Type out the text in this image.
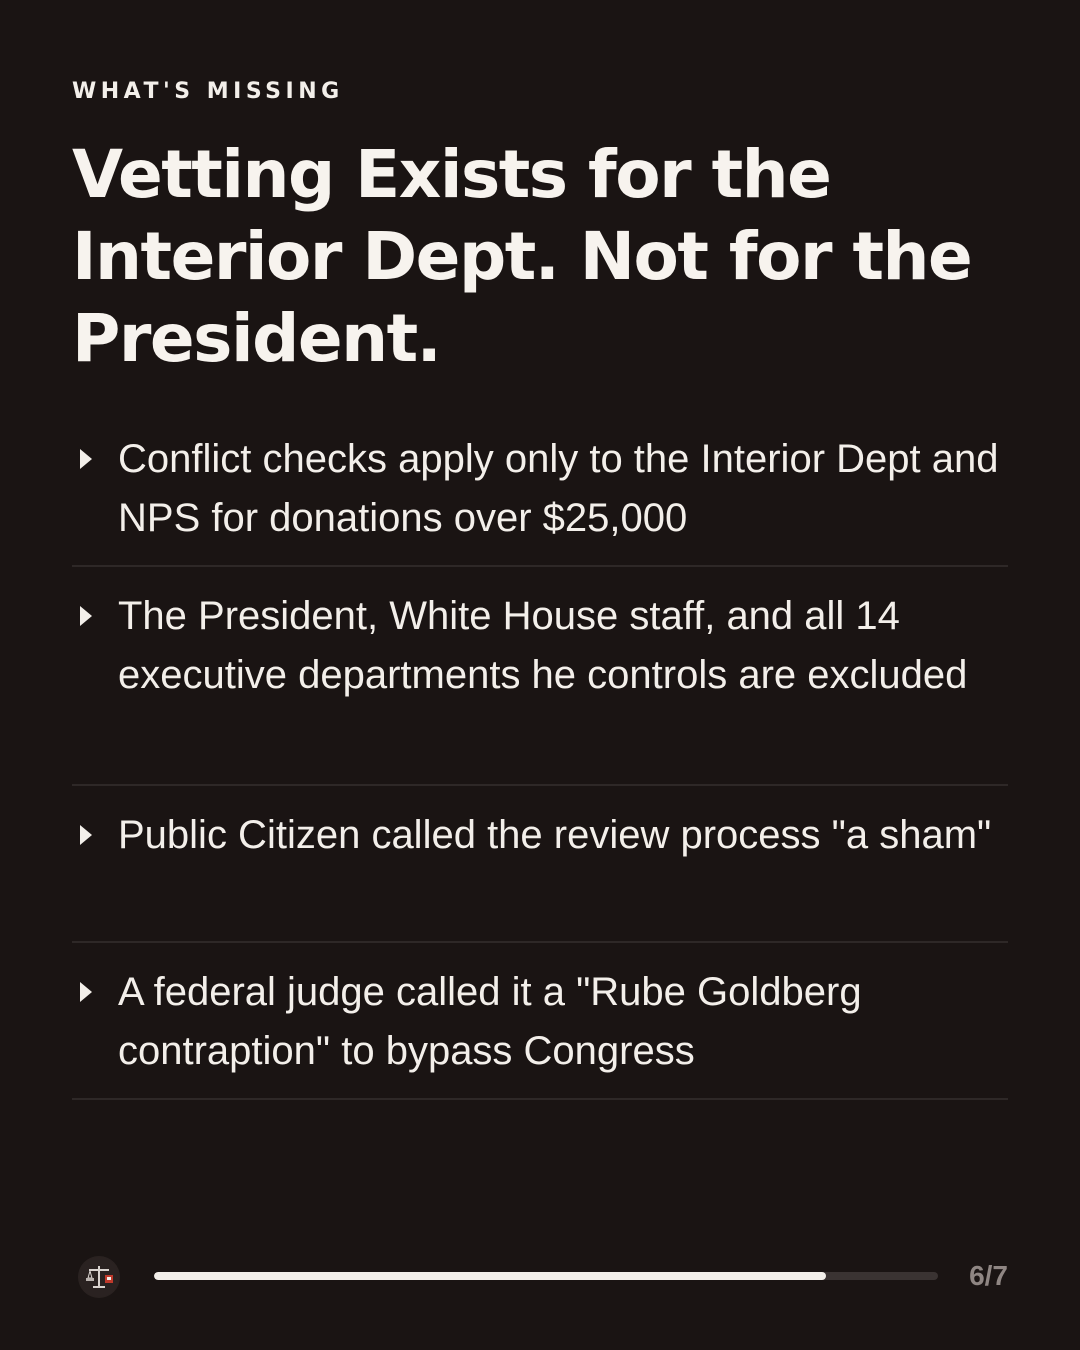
WHAT'S MISSING
Vetting Exists for the Interior Dept. Not for the President.
Conflict checks apply only to the Interior Dept and NPS for donations over $25,000
The President, White House staff, and all 14 executive departments he controls are excluded
Public Citizen called the review process "a sham"
A federal judge called it a "Rube Goldberg contraption" to bypass Congress
6/7
